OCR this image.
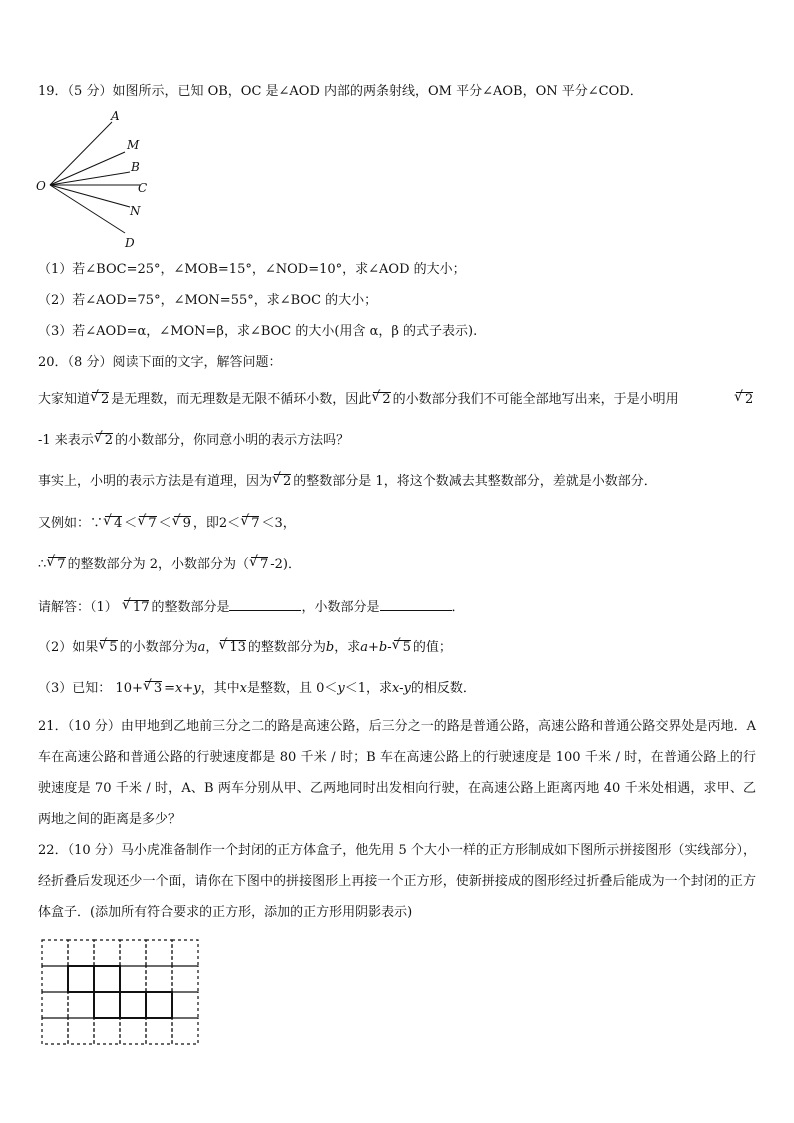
19．（5 分）如图所示，已知 OB，OC 是∠AOD 内部的两条射线，OM 平分∠AOB，ON 平分∠COD．
O
A
M
B
C
N
D
（1）若∠BOC=25°，∠MOB=15°，∠NOD=10°，求∠AOD 的大小；
（2）若∠AOD=75°，∠MON=55°，求∠BOC 的大小；
（3）若∠AOD=α，∠MON=β，求∠BOC 的大小(用含 α，β 的式子表示).
20．（8 分）阅读下面的文字，解答问题：
大家知道 √ 2 是无理数，而无理数是无限不循环小数，因此 √ 2 的小数部分我们不可能全部地写出来，于是小明用	√ 2
-1 来表示 √ 2 的小数部分，你同意小明的表示方法吗？
事实上，小明的表示方法是有道理，因为 √ 2 的整数部分是 1，将这个数减去其整数部分，差就是小数部分．
又例如：∵ √ 4 ＜ √ 7 ＜ √ 9 ，即2＜ √ 7 ＜3，
∴ √ 7 的整数部分为 2，小数部分为（ √ 7 -2)．
请解答：（1） √ 17 的整数部分是	，小数部分是	．
（2）如果 √ 5 的小数部分为a， √ 13 的整数部分为b，求a+b- √ 5 的值；
（3）已知： 10+ √ 3 =x+y，其中x是整数，且 0＜y＜1，求x-y的相反数．
21．（10 分）由甲地到乙地前三分之二的路是高速公路，后三分之一的路是普通公路，高速公路和普通公路交界处是丙地．A 车在高速公路和普通公路的行驶速度都是 80 千米 / 时；B 车在高速公路上的行驶速度是 100 千米 / 时，在普通公路上的行驶速度是 70 千米 / 时，A、B 两车分别从甲、乙两地同时出发相向行驶，在高速公路上距离丙地 40 千米处相遇，求甲、乙两地之间的距离是多少？
22．（10 分）马小虎准备制作一个封闭的正方体盒子，他先用 5 个大小一样的正方形制成如下图所示拼接图形（实线部分），经折叠后发现还少一个面，请你在下图中的拼接图形上再接一个正方形，使新拼接成的图形经过折叠后能成为一个封闭的正方体盒子．(添加所有符合要求的正方形，添加的正方形用阴影表示)
